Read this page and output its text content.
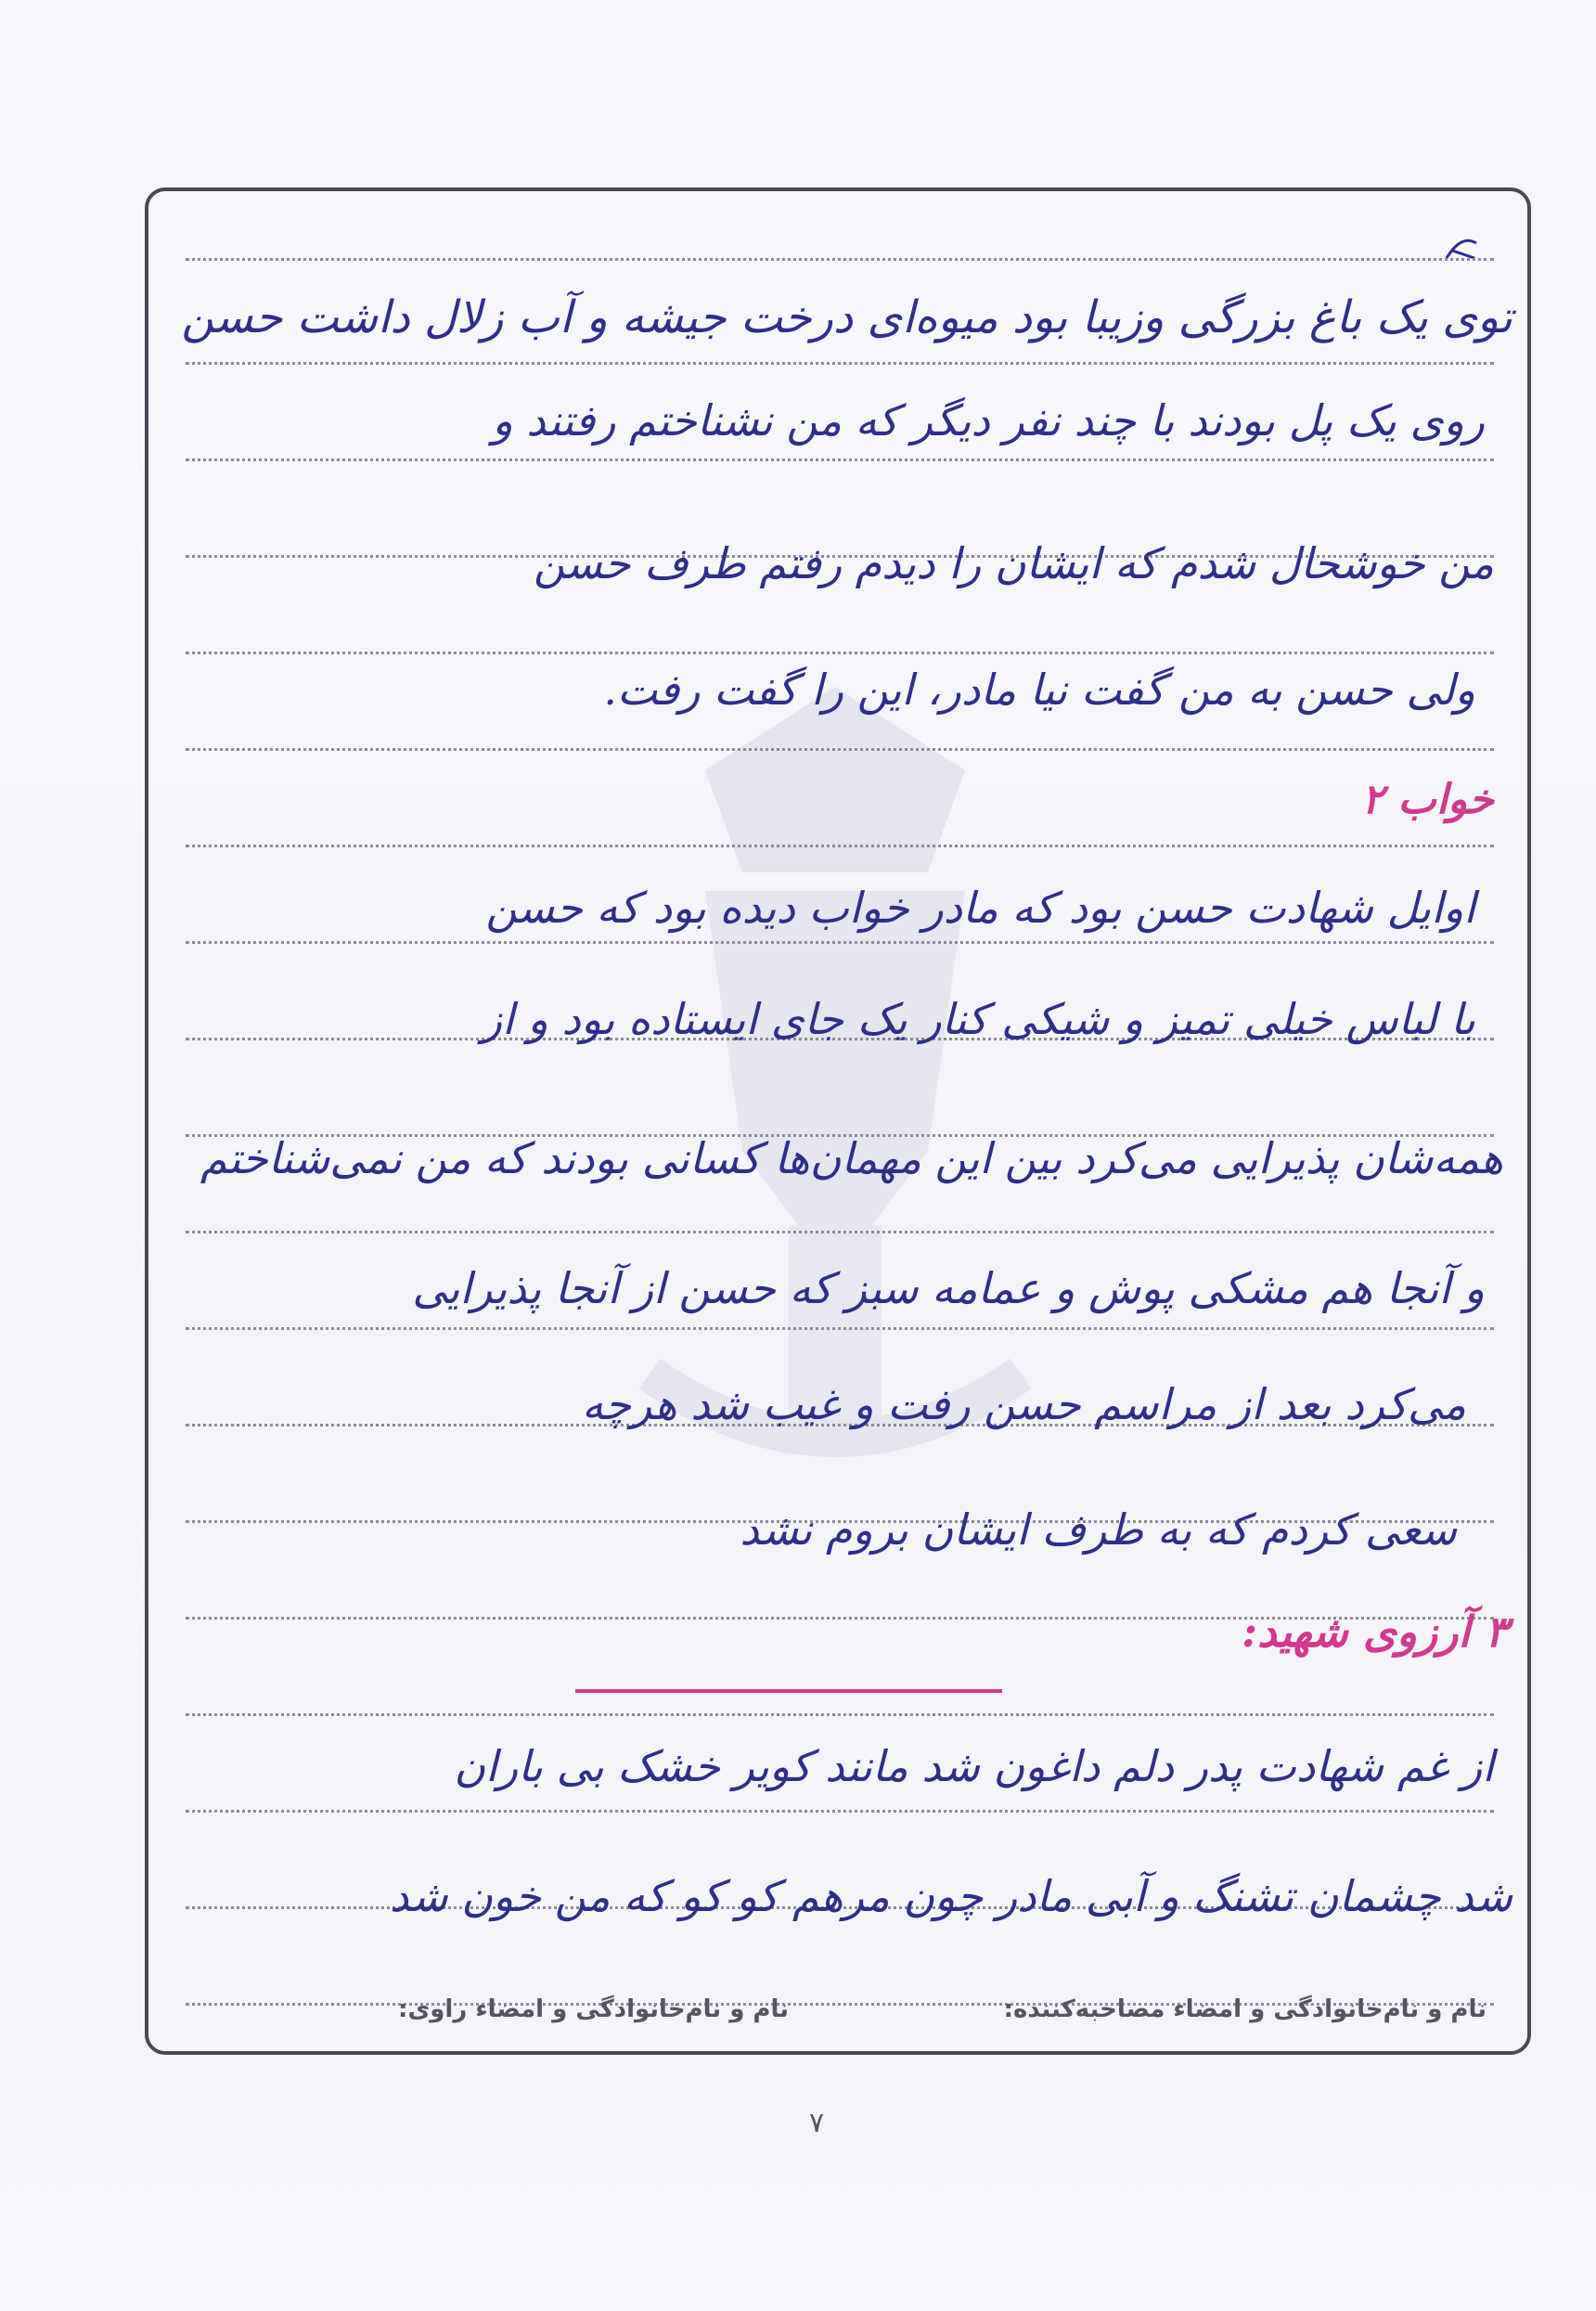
توی یک باغ بزرگی وزیبا بود میوه‌ای درخت جیشه و آب زلال داشت حسن
روی یک پل بودند با چند نفر دیگر که من نشناختم رفتند و
من خوشحال شدم که ایشان را دیدم رفتم طرف حسن
ولی حسن به من گفت نیا مادر، این را گفت رفت.
خواب ۲
اوایل شهادت حسن بود که مادر خواب دیده بود که حسن
با لباس خیلی تمیز و شیکی کنار یک جای ایستاده بود و از
همه‌شان پذیرایی می‌کرد بین این مهمان‌ها کسانی بودند که من نمی‌شناختم
و آنجا هم مشکی پوش و عمامه سبز که حسن از آنجا پذیرایی
می‌کرد بعد از مراسم حسن رفت و غیب شد هرچه
سعی کردم که به طرف ایشان بروم نشد
۳ آرزوی شهید:
از غم شهادت پدر دلم داغون شد مانند کویر خشک بی باران
شد چشمان تشنگ و آبی مادر چون مرهم کو کو که من خون شد
نام و نام‌خانوادگی و امضاء مصاحبه‌کننده:
نام و نام‌خانوادگی و امضاء راوی:
۷
